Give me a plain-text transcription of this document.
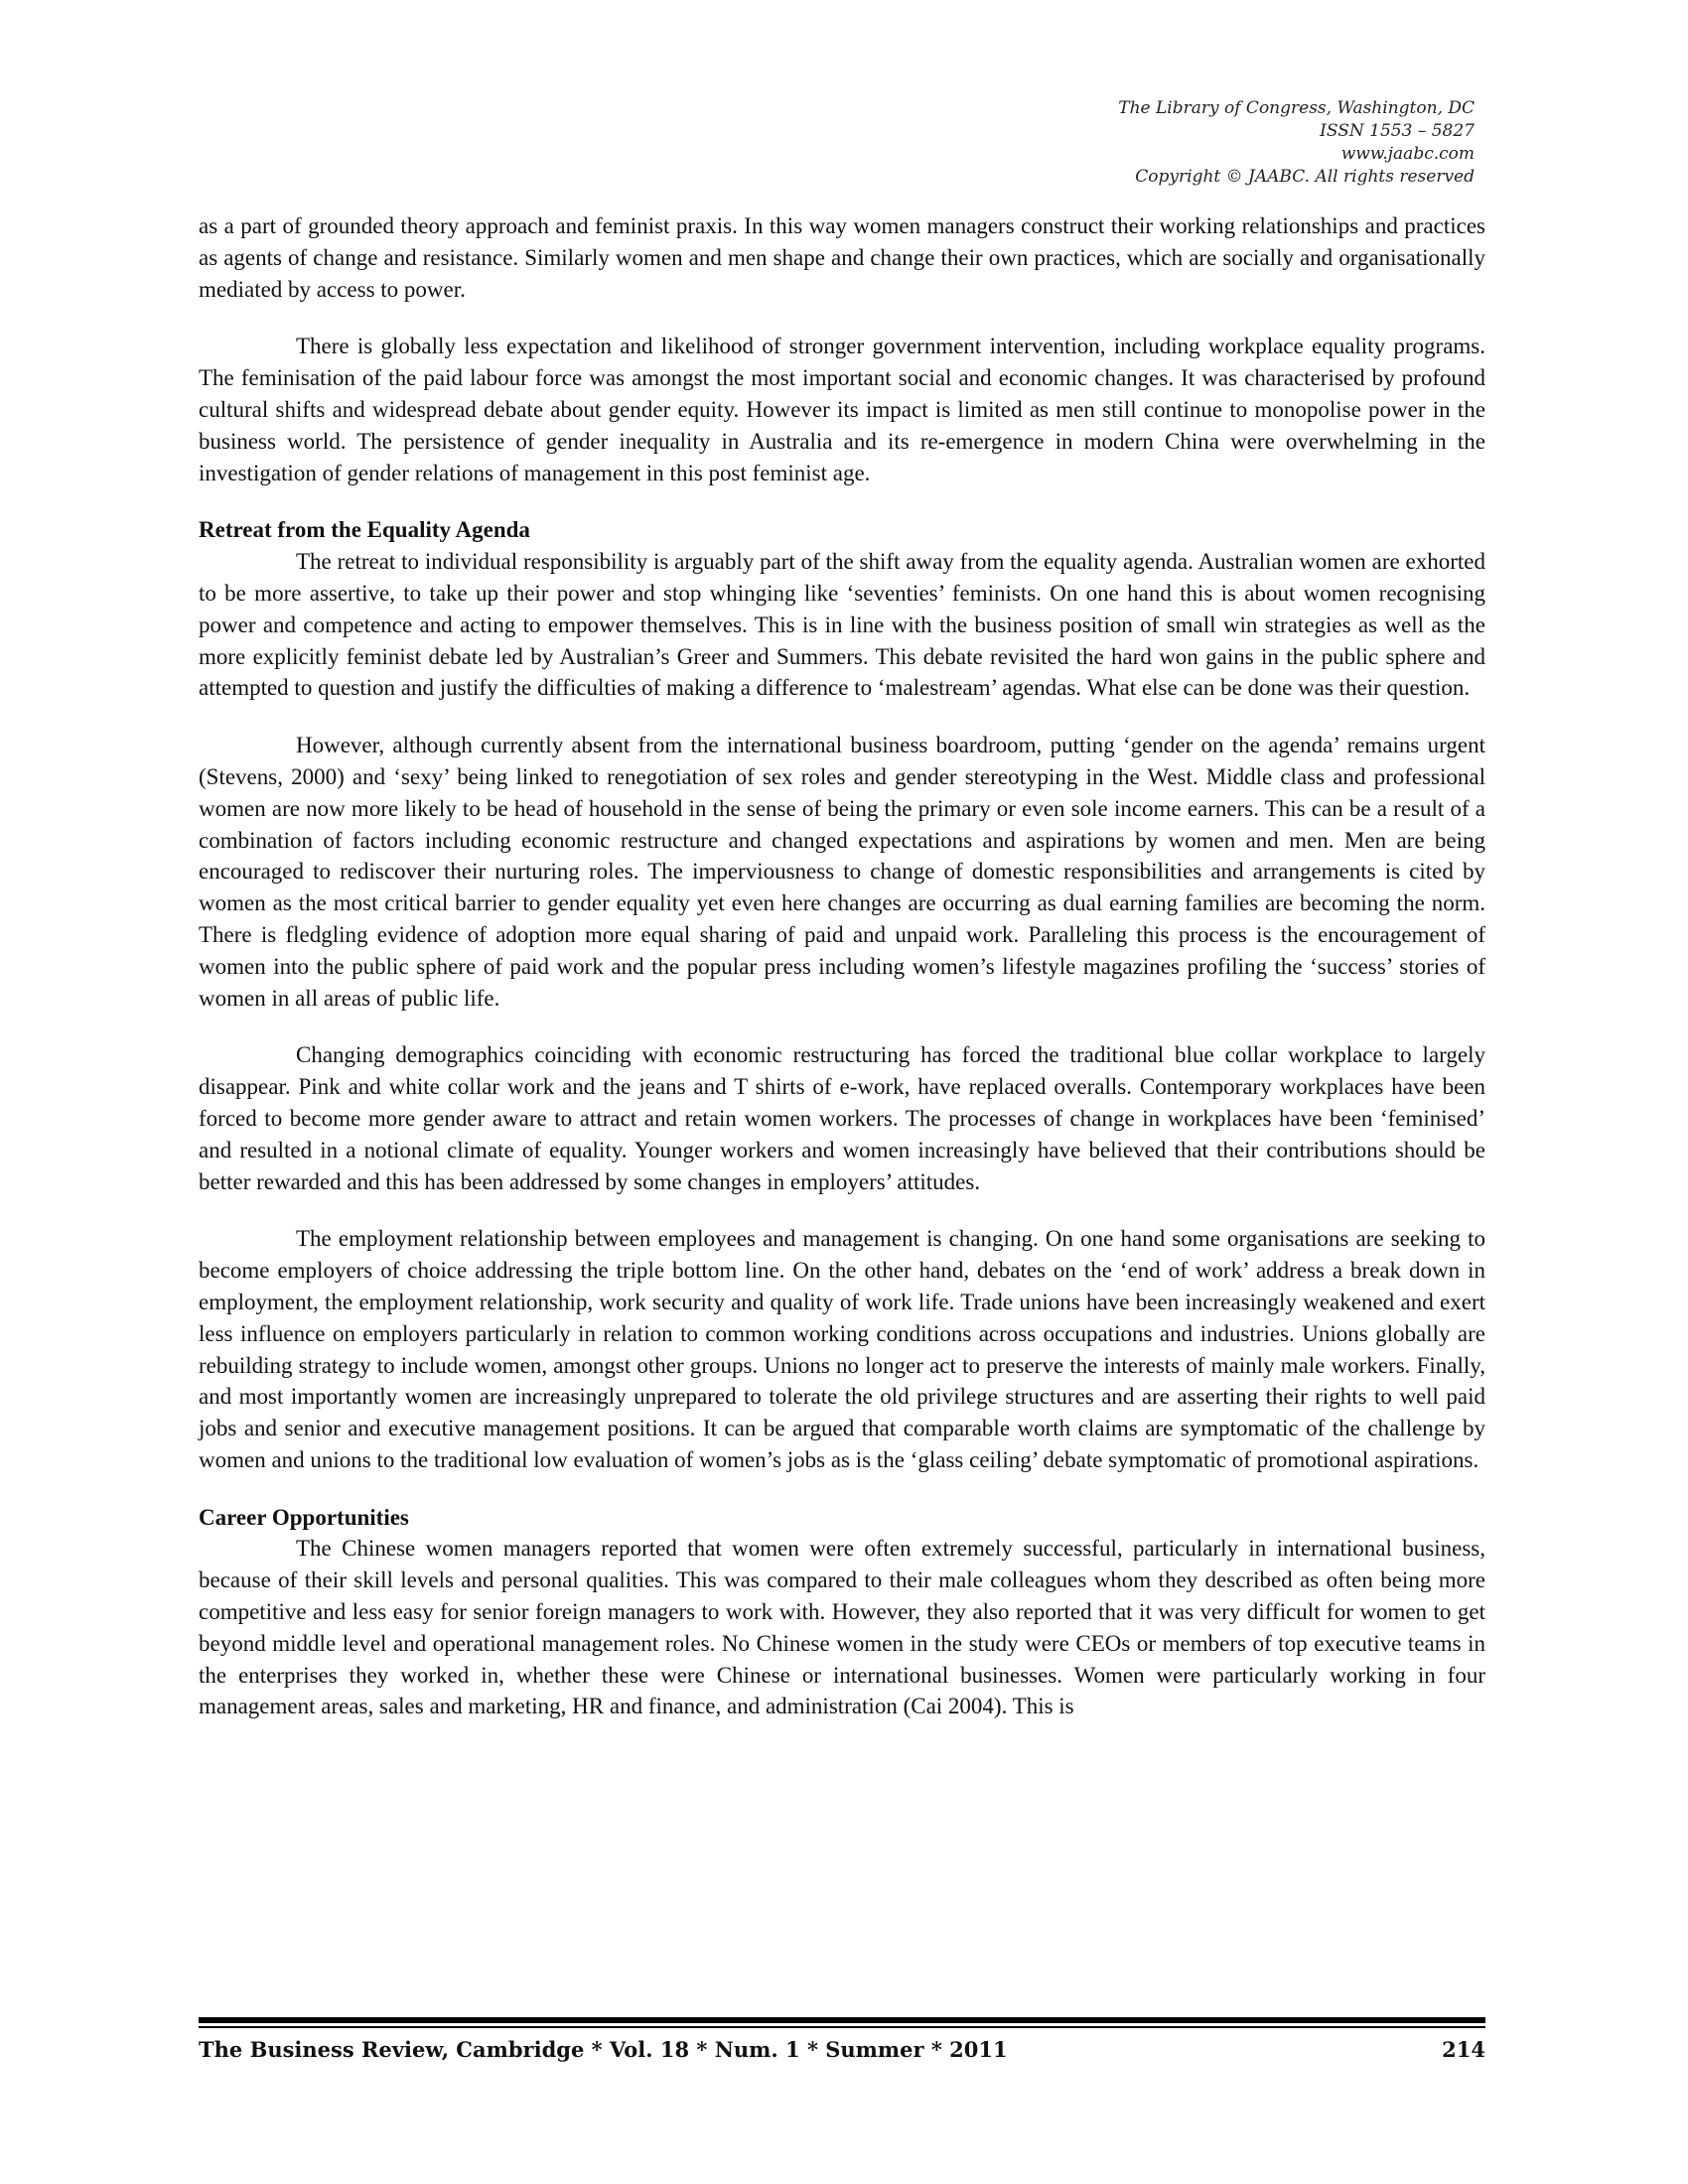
The Library of Congress, Washington, DC
ISSN 1553 – 5827
www.jaabc.com
Copyright © JAABC. All rights reserved

as a part of grounded theory approach and feminist praxis. In this way women managers construct their working relationships and practices as agents of change and resistance. Similarly women and men shape and change their own practices, which are socially and organisationally mediated by access to power.

There is globally less expectation and likelihood of stronger government intervention, including workplace equality programs. The feminisation of the paid labour force was amongst the most important social and economic changes. It was characterised by profound cultural shifts and widespread debate about gender equity. However its impact is limited as men still continue to monopolise power in the business world. The persistence of gender inequality in Australia and its re-emergence in modern China were overwhelming in the investigation of gender relations of management in this post feminist age.

Retreat from the Equality Agenda

The retreat to individual responsibility is arguably part of the shift away from the equality agenda. Australian women are exhorted to be more assertive, to take up their power and stop whinging like ‘seventies’ feminists. On one hand this is about women recognising power and competence and acting to empower themselves. This is in line with the business position of small win strategies as well as the more explicitly feminist debate led by Australian’s Greer and Summers. This debate revisited the hard won gains in the public sphere and attempted to question and justify the difficulties of making a difference to ‘malestream’ agendas. What else can be done was their question.

However, although currently absent from the international business boardroom, putting ‘gender on the agenda’ remains urgent (Stevens, 2000) and ‘sexy’ being linked to renegotiation of sex roles and gender stereotyping in the West. Middle class and professional women are now more likely to be head of household in the sense of being the primary or even sole income earners. This can be a result of a combination of factors including economic restructure and changed expectations and aspirations by women and men. Men are being encouraged to rediscover their nurturing roles. The imperviousness to change of domestic responsibilities and arrangements is cited by women as the most critical barrier to gender equality yet even here changes are occurring as dual earning families are becoming the norm. There is fledgling evidence of adoption more equal sharing of paid and unpaid work. Paralleling this process is the encouragement of women into the public sphere of paid work and the popular press including women’s lifestyle magazines profiling the ‘success’ stories of women in all areas of public life.

Changing demographics coinciding with economic restructuring has forced the traditional blue collar workplace to largely disappear. Pink and white collar work and the jeans and T shirts of e-work, have replaced overalls. Contemporary workplaces have been forced to become more gender aware to attract and retain women workers. The processes of change in workplaces have been ‘feminised’ and resulted in a notional climate of equality. Younger workers and women increasingly have believed that their contributions should be better rewarded and this has been addressed by some changes in employers’ attitudes.

The employment relationship between employees and management is changing. On one hand some organisations are seeking to become employers of choice addressing the triple bottom line. On the other hand, debates on the ‘end of work’ address a break down in employment, the employment relationship, work security and quality of work life. Trade unions have been increasingly weakened and exert less influence on employers particularly in relation to common working conditions across occupations and industries. Unions globally are rebuilding strategy to include women, amongst other groups. Unions no longer act to preserve the interests of mainly male workers. Finally, and most importantly women are increasingly unprepared to tolerate the old privilege structures and are asserting their rights to well paid jobs and senior and executive management positions. It can be argued that comparable worth claims are symptomatic of the challenge by women and unions to the traditional low evaluation of women’s jobs as is the ‘glass ceiling’ debate symptomatic of promotional aspirations.

Career Opportunities

The Chinese women managers reported that women were often extremely successful, particularly in international business, because of their skill levels and personal qualities. This was compared to their male colleagues whom they described as often being more competitive and less easy for senior foreign managers to work with. However, they also reported that it was very difficult for women to get beyond middle level and operational management roles. No Chinese women in the study were CEOs or members of top executive teams in the enterprises they worked in, whether these were Chinese or international businesses. Women were particularly working in four management areas, sales and marketing, HR and finance, and administration (Cai 2004). This is

The Business Review, Cambridge * Vol. 18 * Num. 1 * Summer * 2011	214
